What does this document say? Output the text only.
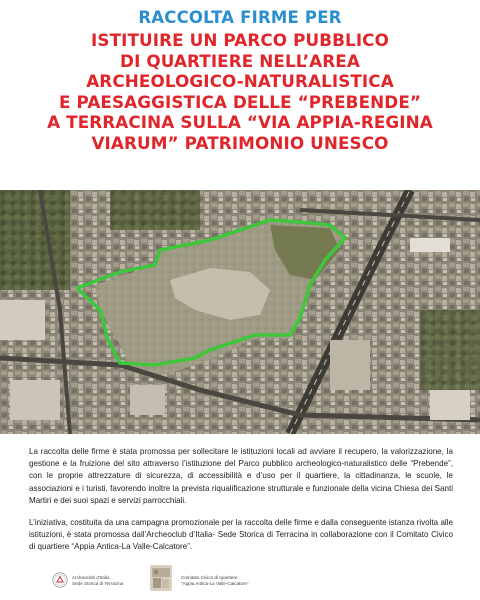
RACCOLTA FIRME PER
ISTITUIRE UN PARCO PUBBLICO
DI QUARTIERE NELL’AREA
ARCHEOLOGICO-NATURALISTICA
E PAESAGGISTICA DELLE “PREBENDE”
A TERRACINA SULLA “VIA APPIA-REGINA
VIARUM” PATRIMONIO UNESCO

La raccolta delle firme è stata promossa per sollecitare le istituzioni locali ad avviare il recupero, la valorizzazione, la gestione e la fruizione del sito attraverso l’istituzione del Parco pubblico archeologico-naturalistico delle “Prebende”, con le proprie attrezzature di sicurezza, di accessibilità e d’uso per il quartiere, la cittadinanza, le scuole, le associazioni e i turisti, favorendo inoltre la prevista riqualificazione strutturale e funzionale della vicina Chiesa dei Santi Martiri e dei suoi spazi e servizi parrocchiali.

L’iniziativa, costituita da una campagna promozionale per la raccolta delle firme e dalla conseguente istanza rivolta alle istituzioni, è stata promossa dall’Archeoclub d’Italia- Sede Storica di Terracina in collaborazione con il Comitato Civico di quartiere “Appia Antica-La Valle-Calcatore”.

Archeoclub d’Italia
Sede Storica di Terracina
Comitato Civico di quartiere
“Appia Antica-La Valle-Calcatore”
